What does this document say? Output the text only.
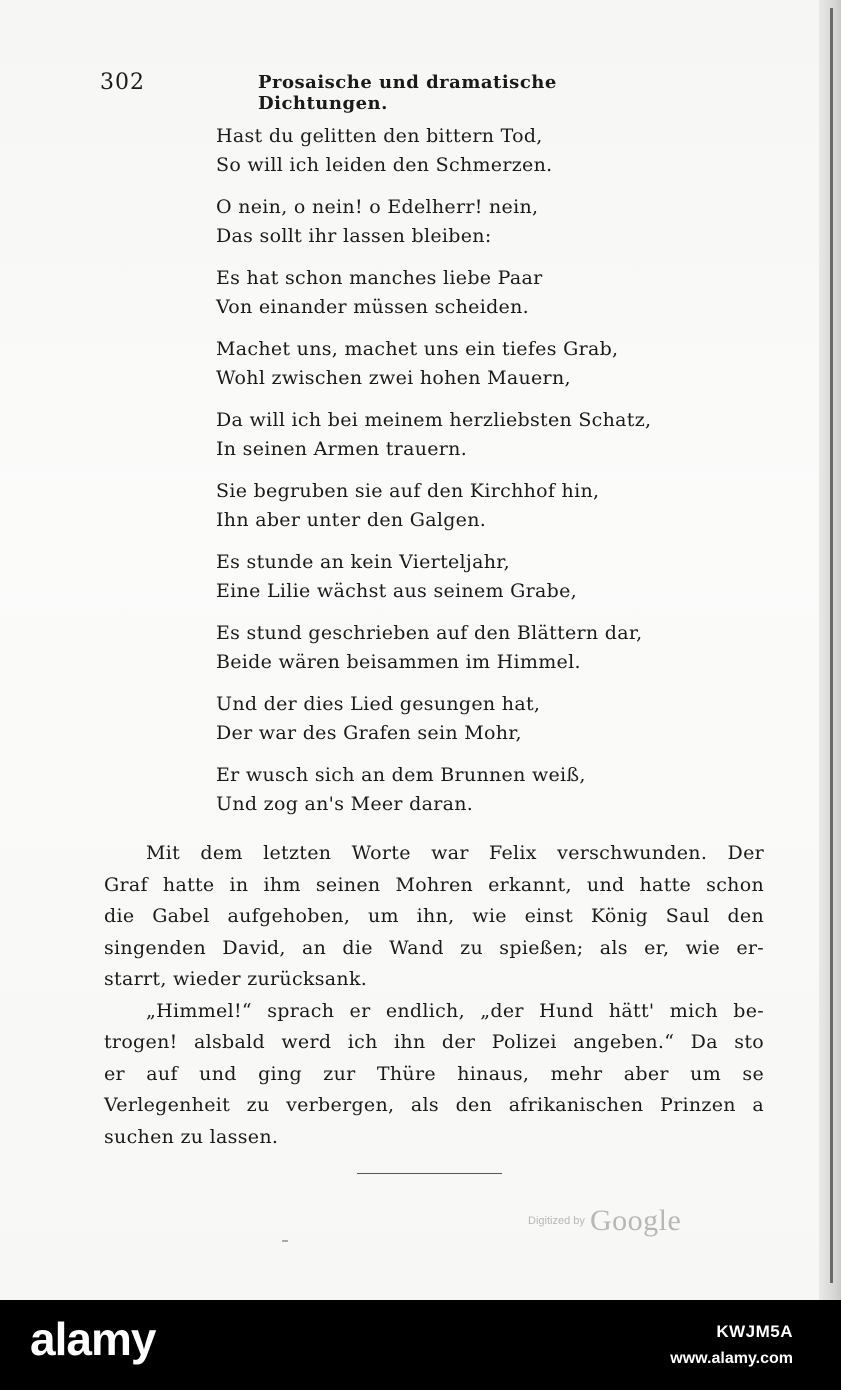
302	Prosaische und dramatische Dichtungen.
Hast du gelitten den bittern Tod,
So will ich leiden den Schmerzen.
O nein, o nein! o Edelherr! nein,
Das sollt ihr lassen bleiben:
Es hat schon manches liebe Paar
Von einander müssen scheiden.
Machet uns, machet uns ein tiefes Grab,
Wohl zwischen zwei hohen Mauern,
Da will ich bei meinem herzliebsten Schatz,
In seinen Armen trauern.
Sie begruben sie auf den Kirchhof hin,
Ihn aber unter den Galgen.
Es stunde an kein Vierteljahr,
Eine Lilie wächst aus seinem Grabe,
Es stund geschrieben auf den Blättern dar,
Beide wären beisammen im Himmel.
Und der dies Lied gesungen hat,
Der war des Grafen sein Mohr,
Er wusch sich an dem Brunnen weiß,
Und zog an's Meer daran.
Mit dem letzten Worte war Felix verschwunden. Der
Graf hatte in ihm seinen Mohren erkannt, und hatte schon
die Gabel aufgehoben, um ihn, wie einst König Saul den
singenden David, an die Wand zu spießen; als er, wie er-
starrt, wieder zurücksank.
„Himmel!“ sprach er endlich, „der Hund hätt' mich be-
trogen! alsbald werd ich ihn der Polizei angeben.“ Da sto
er auf und ging zur Thüre hinaus, mehr aber um se
Verlegenheit zu verbergen, als den afrikanischen Prinzen a
suchen zu lassen.
Digitized by Google
alamy	KWJM5A
www.alamy.com
